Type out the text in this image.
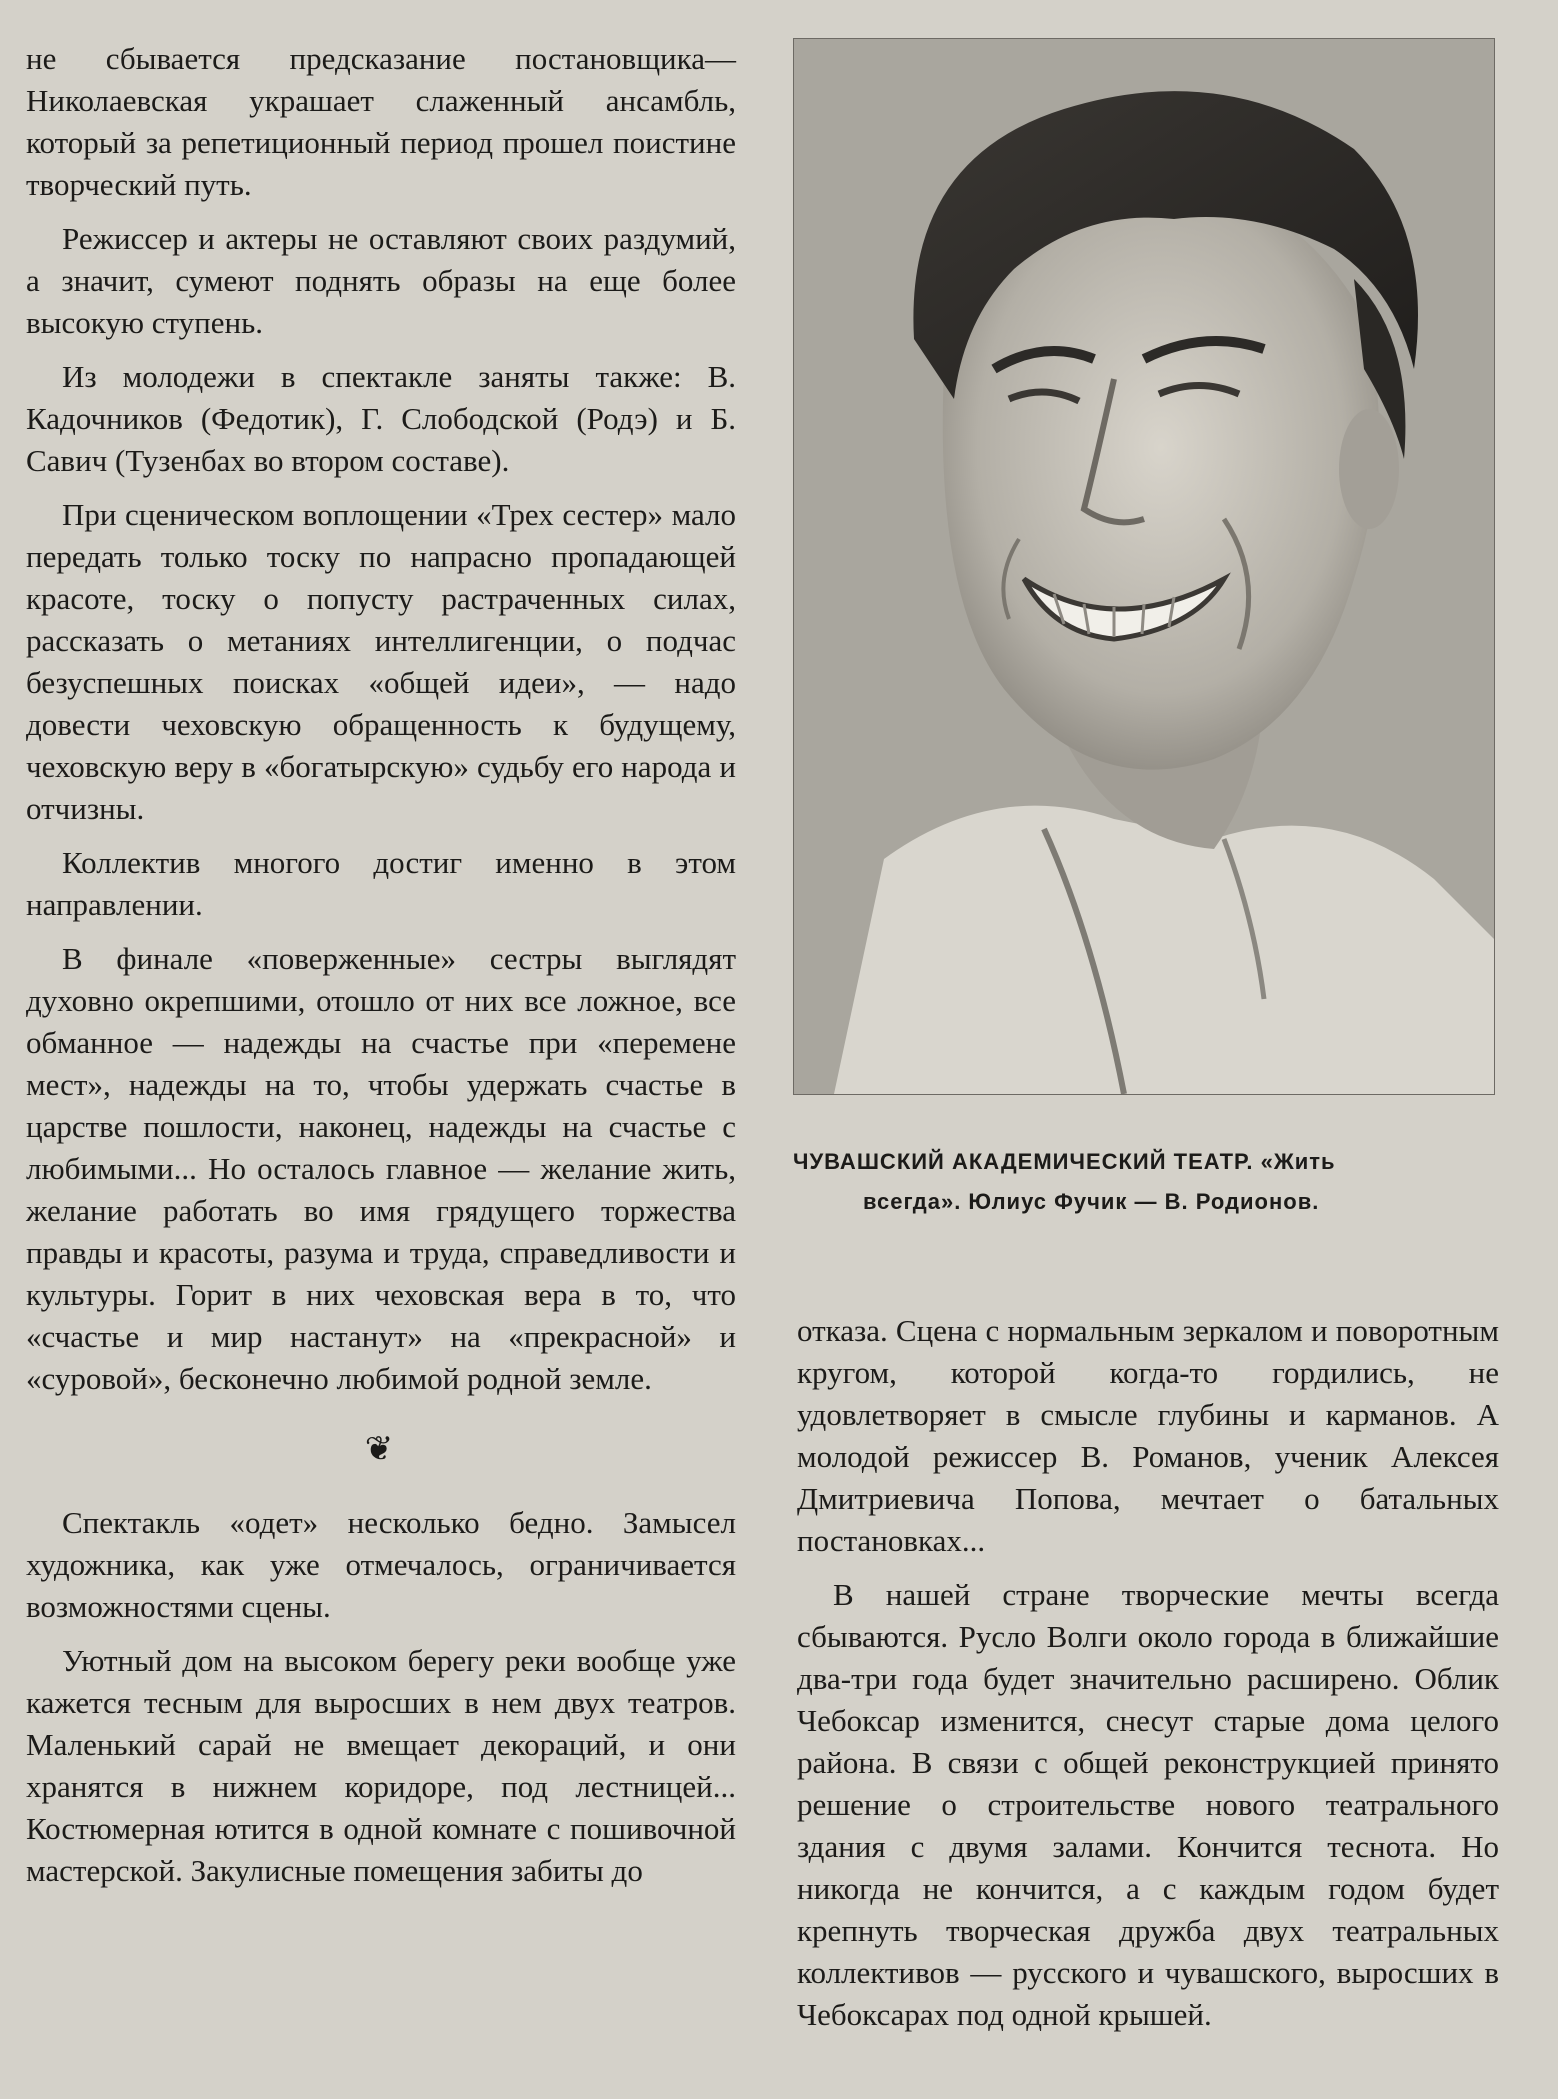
не сбывается предсказание постановщика— Николаевская украшает слаженный ансамбль, который за репетиционный период прошел поистине творческий путь.

Режиссер и актеры не оставляют своих раздумий, а значит, сумеют поднять образы на еще более высокую ступень.

Из молодежи в спектакле заняты также: В. Кадочников (Федотик), Г. Слободской (Родэ) и Б. Савич (Тузенбах во втором составе).

При сценическом воплощении «Трех сестер» мало передать только тоску по напрасно пропадающей красоте, тоску о попусту растраченных силах, рассказать о метаниях интеллигенции, о подчас безуспешных поисках «общей идеи», — надо довести чеховскую обращенность к будущему, чеховскую веру в «богатырскую» судьбу его народа и отчизны.

Коллектив многого достиг именно в этом направлении.

В финале «поверженные» сестры выглядят духовно окрепшими, отошло от них все ложное, все обманное — надежды на счастье при «перемене мест», надежды на то, чтобы удержать счастье в царстве пошлости, наконец, надежды на счастье с любимыми... Но осталось главное — желание жить, желание работать во имя грядущего торжества правды и красоты, разума и труда, справедливости и культуры. Горит в них чеховская вера в то, что «счастье и мир настанут» на «прекрасной» и «суровой», бесконечно любимой родной земле.

❦

Спектакль «одет» несколько бедно. Замысел художника, как уже отмечалось, ограничивается возможностями сцены.

Уютный дом на высоком берегу реки вообще уже кажется тесным для выросших в нем двух театров. Маленький сарай не вмещает декораций, и они хранятся в нижнем коридоре, под лестницей... Костюмерная ютится в одной комнате с пошивочной мастерской. Закулисные помещения забиты до

ЧУВАШСКИЙ АКАДЕМИЧЕСКИЙ ТЕАТР. «Жить
всегда». Юлиус Фучик — В. Родионов.

отказа. Сцена с нормальным зеркалом и поворотным кругом, которой когда-то гордились, не удовлетворяет в смысле глубины и карманов. А молодой режиссер В. Романов, ученик Алексея Дмитриевича Попова, мечтает о батальных постановках...

В нашей стране творческие мечты всегда сбываются. Русло Волги около города в ближайшие два-три года будет значительно расширено. Облик Чебоксар изменится, снесут старые дома целого района. В связи с общей реконструкцией принято решение о строительстве нового театрального здания с двумя залами. Кончится теснота. Но никогда не кончится, а с каждым годом будет крепнуть творческая дружба двух театральных коллективов — русского и чувашского, выросших в Чебоксарах под одной крышей.
